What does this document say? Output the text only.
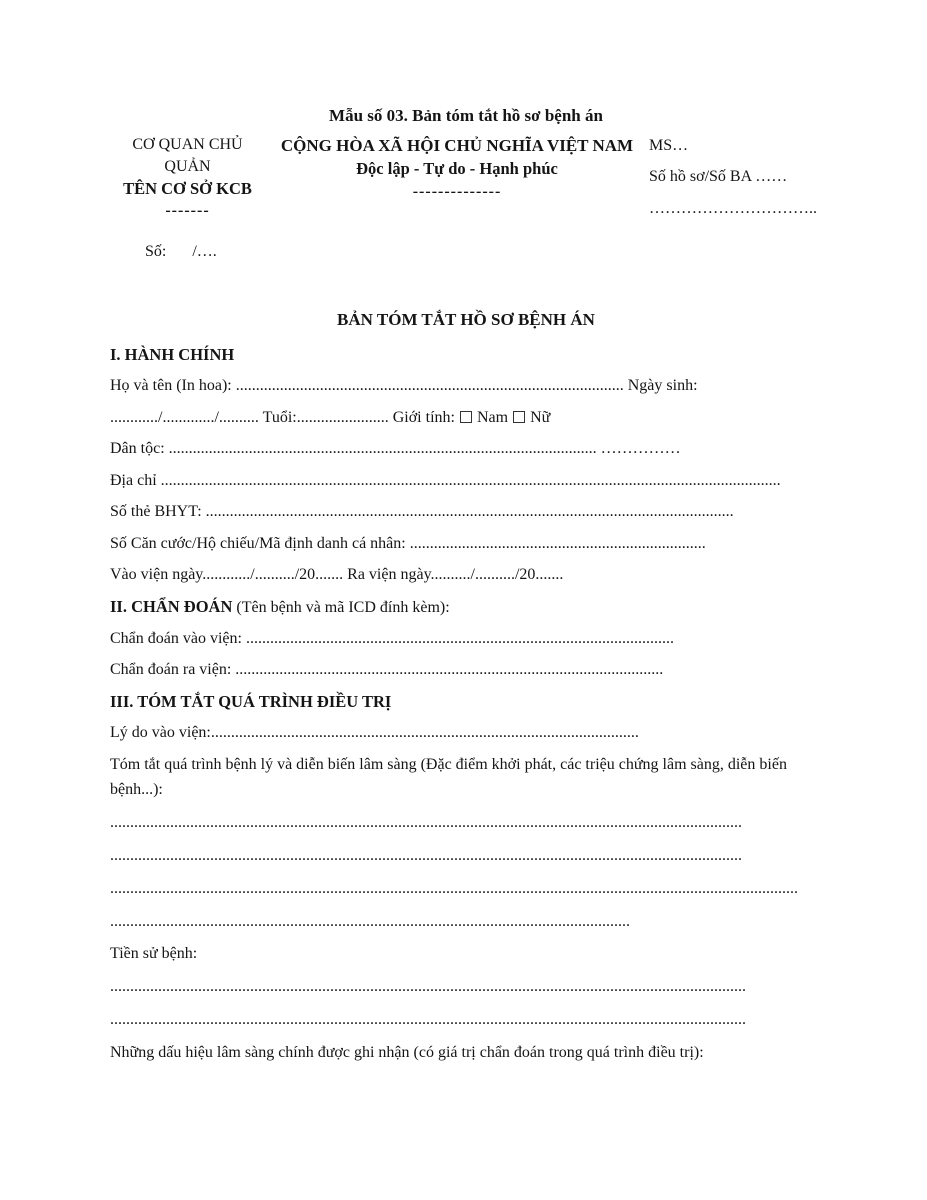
Mẫu số 03. Bản tóm tắt hồ sơ bệnh án
CƠ QUAN CHỦ QUẢN
TÊN CƠ SỞ KCB
-------
CỘNG HÒA XÃ HỘI CHỦ NGHĨA VIỆT NAM
Độc lập - Tự do - Hạnh phúc
--------------
MS…
Số hồ sơ/Số BA ……
…………………………..
Số: /….
BẢN TÓM TẮT HỒ SƠ BỆNH ÁN
I. HÀNH CHÍNH
Họ và tên (In hoa): ................................................................................................. Ngày sinh:
............/............./.......... Tuổi:....................... Giới tính: Nam Nữ
Dân tộc: ........................................................................................................... ……………
Địa chỉ ...........................................................................................................................................................
Số thẻ BHYT: ....................................................................................................................................
Số Căn cước/Hộ chiếu/Mã định danh cá nhân: ..........................................................................
Vào viện ngày............/........../20....... Ra viện ngày........../........../20.......
II. CHẨN ĐOÁN (Tên bệnh và mã ICD đính kèm):
Chẩn đoán vào viện: ...........................................................................................................
Chẩn đoán ra viện: ...........................................................................................................
III. TÓM TẮT QUÁ TRÌNH ĐIỀU TRỊ
Lý do vào viện:...........................................................................................................
Tóm tắt quá trình bệnh lý và diễn biến lâm sàng (Đặc điểm khởi phát, các triệu chứng lâm sàng, diễn biến bệnh...):
..............................................................................................................................................................
..............................................................................................................................................................
............................................................................................................................................................................
..................................................................................................................................
Tiền sử bệnh:
...............................................................................................................................................................
...............................................................................................................................................................
Những dấu hiệu lâm sàng chính được ghi nhận (có giá trị chẩn đoán trong quá trình điều trị):
